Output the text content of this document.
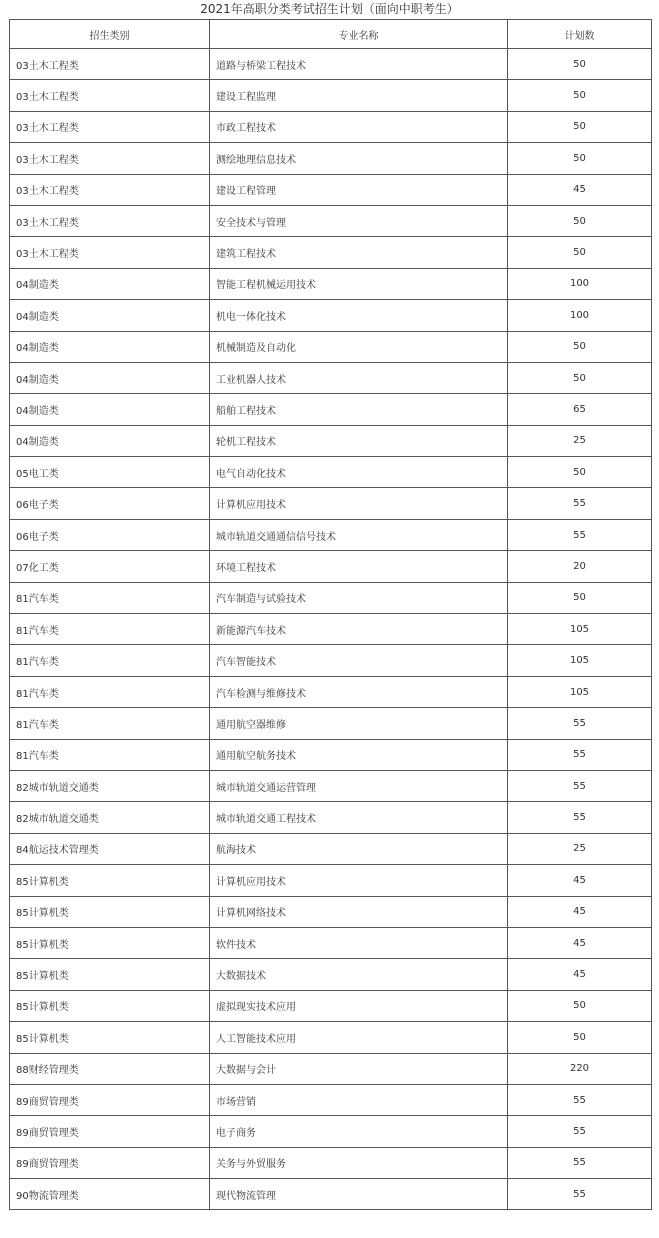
2021年高职分类考试招生计划（面向中职考生）
招生类别	专业名称	计划数
03土木工程类	道路与桥梁工程技术	50
03土木工程类	建设工程监理	50
03土木工程类	市政工程技术	50
03土木工程类	测绘地理信息技术	50
03土木工程类	建设工程管理	45
03土木工程类	安全技术与管理	50
03土木工程类	建筑工程技术	50
04制造类	智能工程机械运用技术	100
04制造类	机电一体化技术	100
04制造类	机械制造及自动化	50
04制造类	工业机器人技术	50
04制造类	船舶工程技术	65
04制造类	轮机工程技术	25
05电工类	电气自动化技术	50
06电子类	计算机应用技术	55
06电子类	城市轨道交通通信信号技术	55
07化工类	环境工程技术	20
81汽车类	汽车制造与试验技术	50
81汽车类	新能源汽车技术	105
81汽车类	汽车智能技术	105
81汽车类	汽车检测与维修技术	105
81汽车类	通用航空器维修	55
81汽车类	通用航空航务技术	55
82城市轨道交通类	城市轨道交通运营管理	55
82城市轨道交通类	城市轨道交通工程技术	55
84航运技术管理类	航海技术	25
85计算机类	计算机应用技术	45
85计算机类	计算机网络技术	45
85计算机类	软件技术	45
85计算机类	大数据技术	45
85计算机类	虚拟现实技术应用	50
85计算机类	人工智能技术应用	50
88财经管理类	大数据与会计	220
89商贸管理类	市场营销	55
89商贸管理类	电子商务	55
89商贸管理类	关务与外贸服务	55
90物流管理类	现代物流管理	55
